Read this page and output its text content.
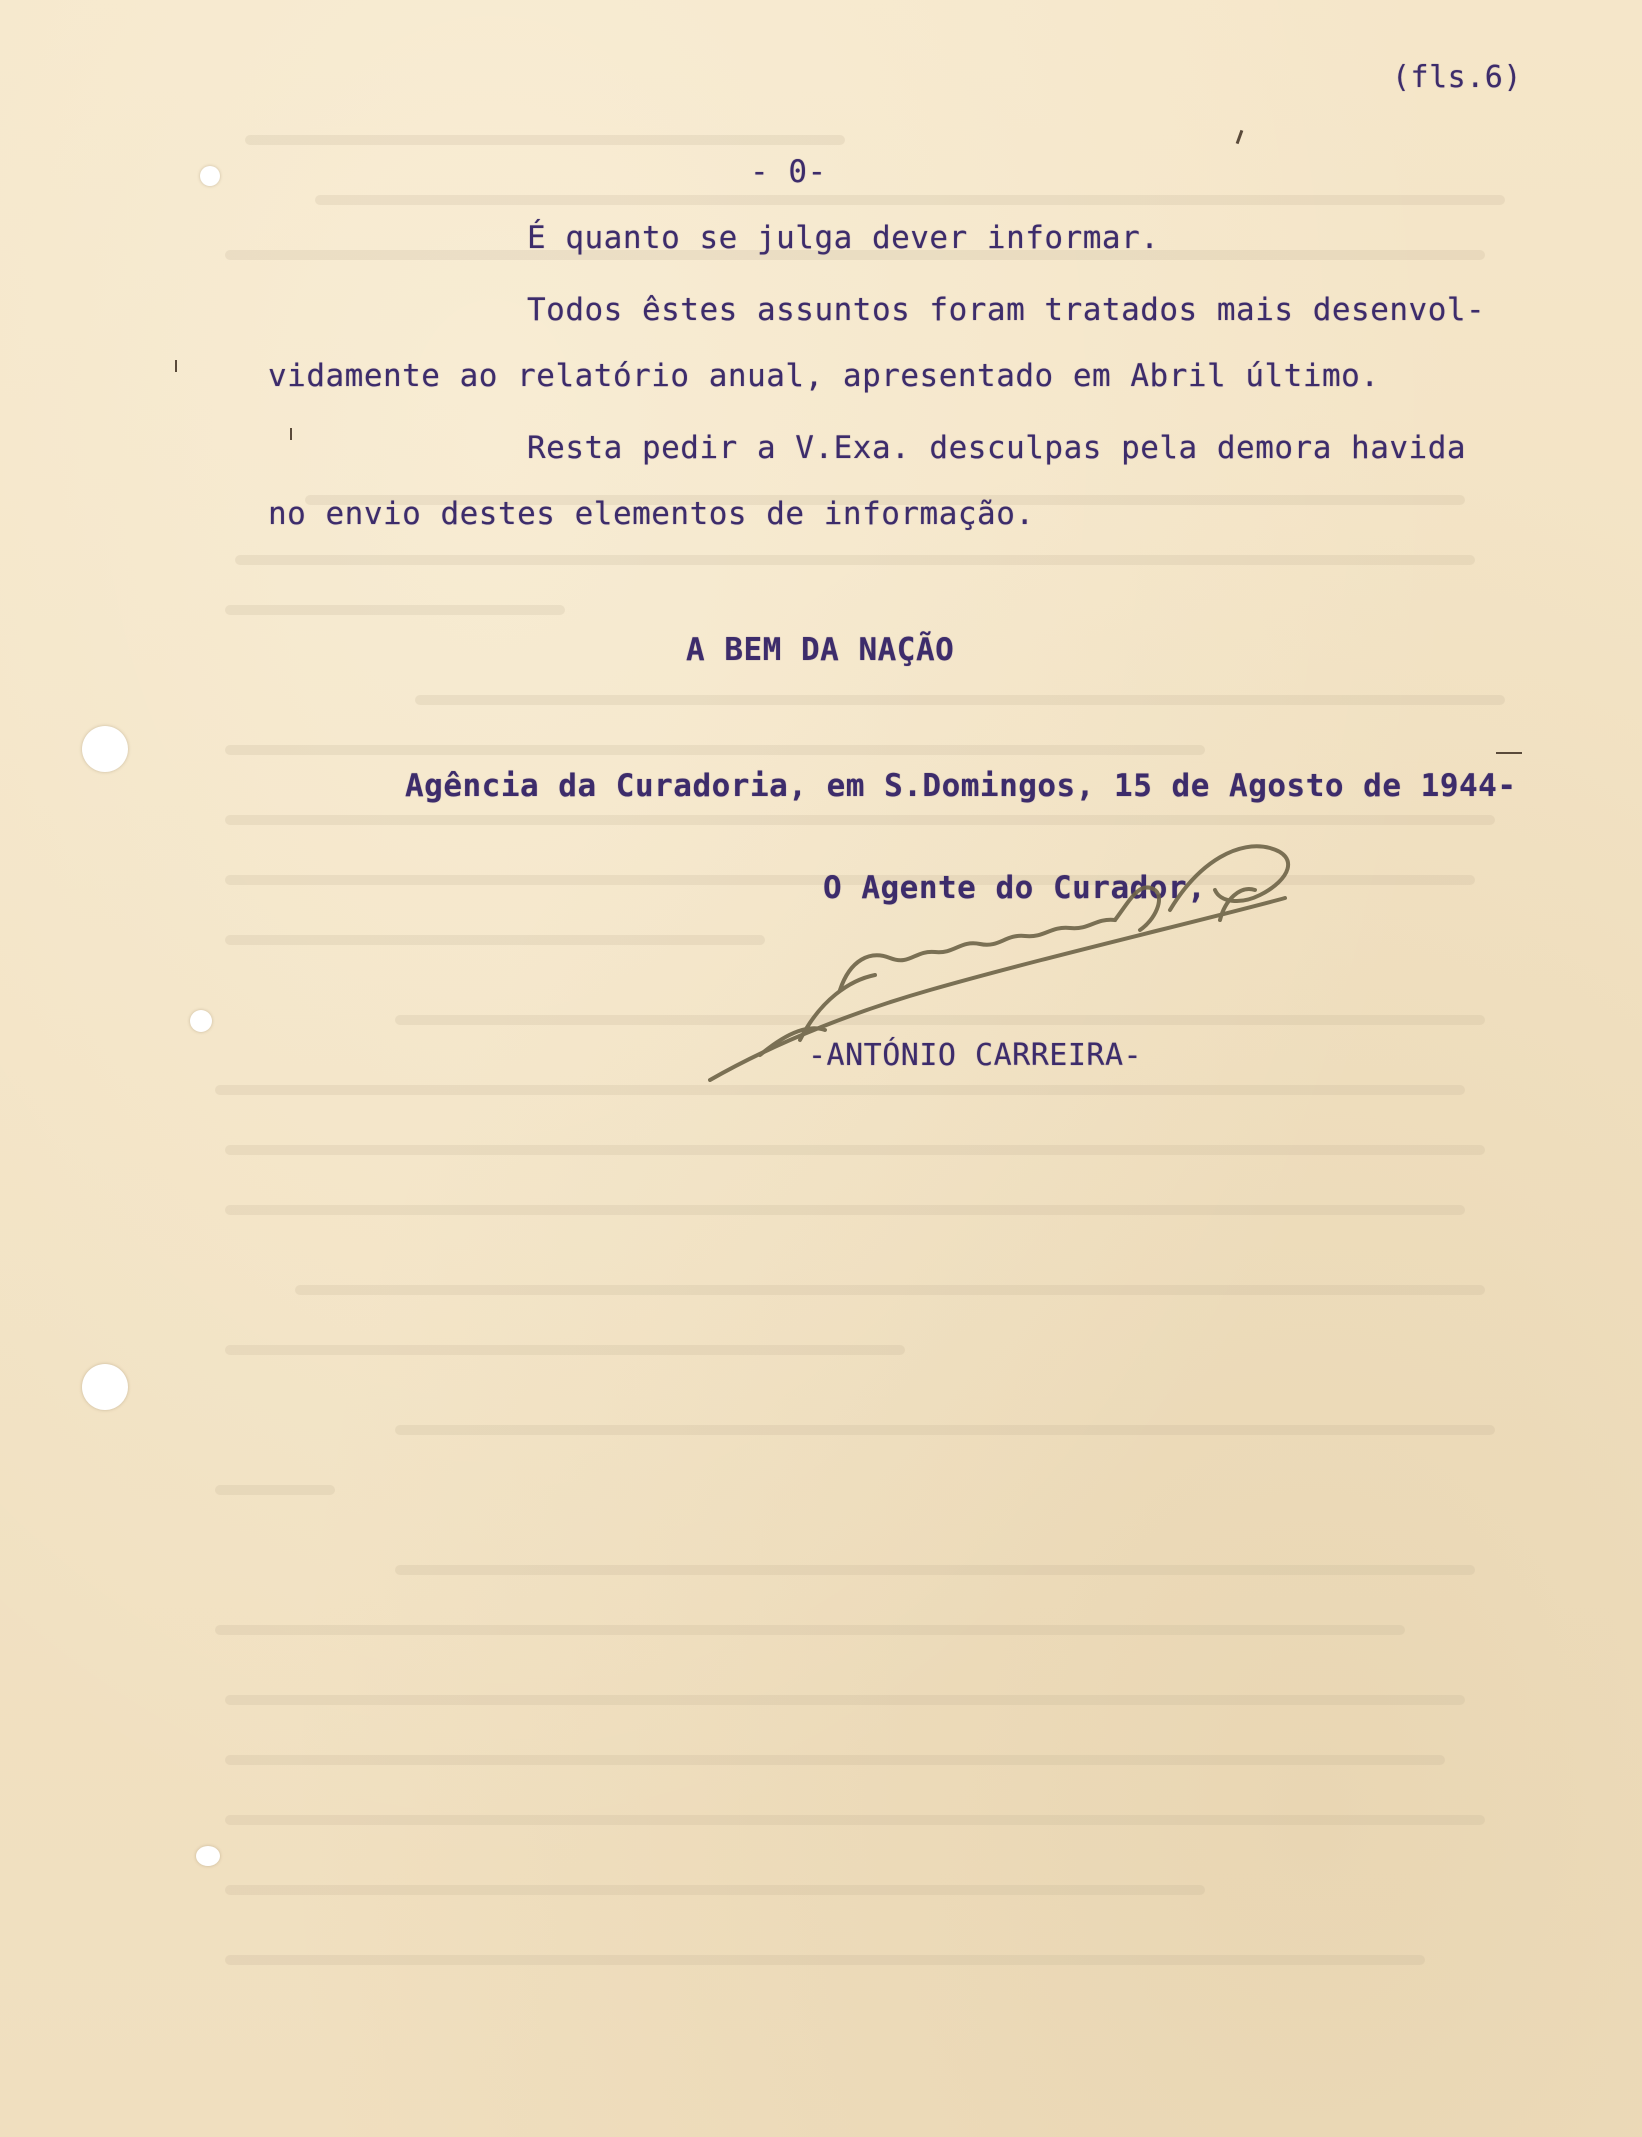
(fls.6)
- 0-
É quanto se julga dever informar.
Todos êstes assuntos foram tratados mais desenvol-
vidamente ao relatório anual, apresentado em Abril último.
Resta pedir a V.Exa. desculpas pela demora havida
no envio destes elementos de informação.
A BEM DA NAÇÃO
Agência da Curadoria, em S.Domingos, 15 de Agosto de 1944-
O Agente do Curador,
-ANTÓNIO CARREIRA-
